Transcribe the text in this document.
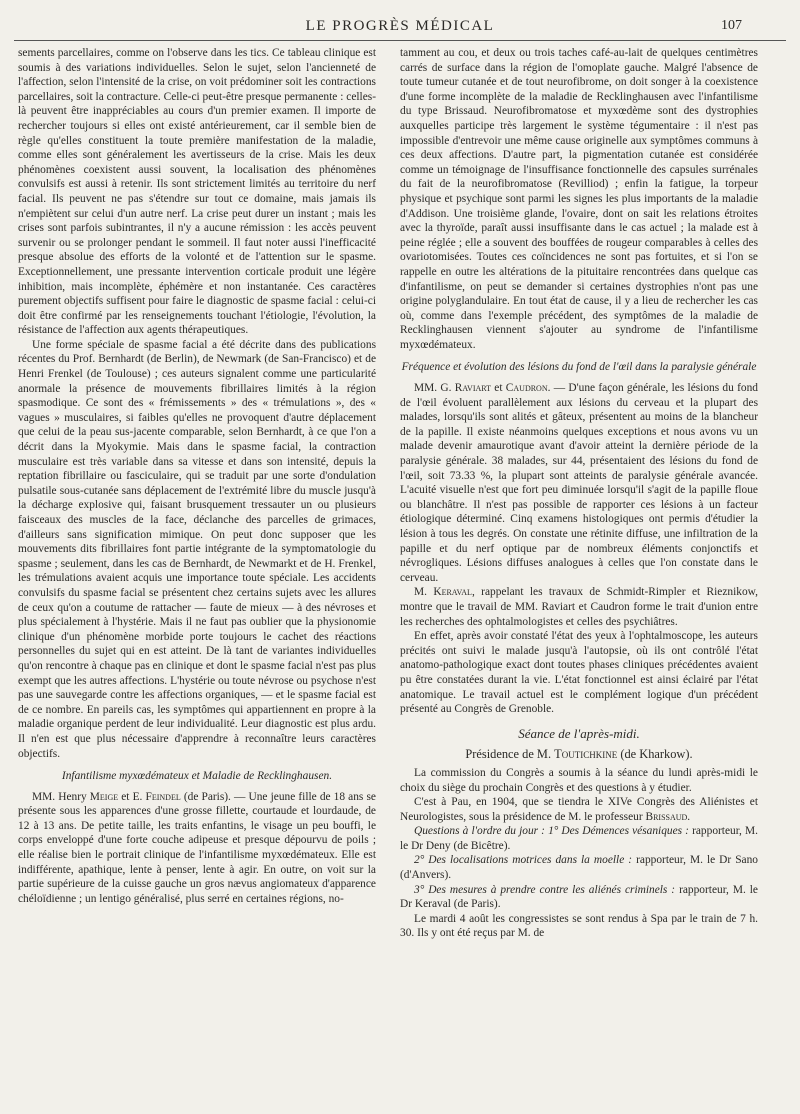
LE PROGRÈS MÉDICAL	107

sements parcellaires, comme on l'observe dans les tics. Ce tableau clinique est soumis à des variations individuelles. Selon le sujet, selon l'ancienneté de l'affection, selon l'intensité de la crise, on voit prédominer soit les contractions parcellaires, soit la contracture. Celle-ci peut-être presque permanente : celles-là peuvent être inappréciables au cours d'un premier examen. Il importe de rechercher toujours si elles ont existé antérieurement, car il semble bien de règle qu'elles constituent la toute première manifestation de la maladie, comme elles sont généralement les avertisseurs de la crise. Mais les deux phénomènes coexistent aussi souvent, la localisation des phénomènes convulsifs est aussi à retenir. Ils sont strictement limités au territoire du nerf facial. Ils peuvent ne pas s'étendre sur tout ce domaine, mais jamais ils n'empiètent sur celui d'un autre nerf. La crise peut durer un instant ; mais les crises sont parfois subintrantes, il n'y a aucune rémission : les accès peuvent survenir ou se prolonger pendant le sommeil. Il faut noter aussi l'inefficacité presque absolue des efforts de la volonté et de l'attention sur le spasme. Exceptionnellement, une pressante intervention corticale produit une légère inhibition, mais incomplète, éphémère et non instantanée. Ces caractères purement objectifs suffisent pour faire le diagnostic de spasme facial : celui-ci doit être confirmé par les renseignements touchant l'étiologie, l'évolution, la résistance de l'affection aux agents thérapeutiques.

Une forme spéciale de spasme facial a été décrite dans des publications récentes du Prof. Bernhardt (de Berlin), de Newmark (de San-Francisco) et de Henri Frenkel (de Toulouse) ; ces auteurs signalent comme une particularité anormale la présence de mouvements fibrillaires limités à la région spasmodique. Ce sont des « frémissements » des « trémulations », des « vagues » musculaires, si faibles qu'elles ne provoquent d'autre déplacement que celui de la peau sus-jacente comparable, selon Bernhardt, à ce que l'on a décrit dans la Myokymie. Mais dans le spasme facial, la contraction musculaire est très variable dans sa vitesse et dans son intensité, depuis la reptation fibrillaire ou fasciculaire, qui se traduit par une sorte d'ondulation pulsatile sous-cutanée sans déplacement de l'extrémité libre du muscle jusqu'à la décharge explosive qui, faisant brusquement tressauter un ou plusieurs faisceaux des muscles de la face, déclanche des parcelles de grimaces, d'ailleurs sans signification mimique. On peut donc supposer que les mouvements dits fibrillaires font partie intégrante de la symptomatologie du spasme ; seulement, dans les cas de Bernhardt, de Newmarkt et de H. Frenkel, les trémulations avaient acquis une importance toute spéciale. Les accidents convulsifs du spasme facial se présentent chez certains sujets avec les allures de ceux qu'on a coutume de rattacher — faute de mieux — à des névroses et plus spécialement à l'hystérie. Mais il ne faut pas oublier que la physionomie clinique d'un phénomène morbide porte toujours le cachet des réactions personnelles du sujet qui en est atteint. De là tant de variantes individuelles qu'on rencontre à chaque pas en clinique et dont le spasme facial n'est pas plus exempt que les autres affections. L'hystérie ou toute névrose ou psychose n'est pas une sauvegarde contre les affections organiques, — et le spasme facial est de ce nombre. En pareils cas, les symptômes qui appartiennent en propre à la maladie organique perdent de leur individualité. Leur diagnostic est plus ardu. Il n'en est que plus nécessaire d'apprendre à reconnaître leurs caractères objectifs.

Infantilisme myxœdémateux et Maladie de Recklinghausen.

MM. Henry Meige et E. Feindel (de Paris). — Une jeune fille de 18 ans se présente sous les apparences d'une grosse fillette, courtaude et lourdaude, de 12 à 13 ans. De petite taille, les traits enfantins, le visage un peu bouffi, le corps enveloppé d'une forte couche adipeuse et presque dépourvu de poils ; elle réalise bien le portrait clinique de l'infantilisme myxœdémateux. Elle est indifférente, apathique, lente à penser, lente à agir. En outre, on voit sur la partie supérieure de la cuisse gauche un gros nævus angiomateux d'apparence chéloïdienne ; un lentigo généralisé, plus serré en certaines régions, no-

tamment au cou, et deux ou trois taches café-au-lait de quelques centimètres carrés de surface dans la région de l'omoplate gauche. Malgré l'absence de toute tumeur cutanée et de tout neurofibrome, on doit songer à la coexistence d'une forme incomplète de la maladie de Recklinghausen avec l'infantilisme du type Brissaud. Neurofibromatose et myxœdème sont des dystrophies auxquelles participe très largement le système tégumentaire : il n'est pas impossible d'entrevoir une même cause originelle aux symptômes communs à ces deux affections. D'autre part, la pigmentation cutanée est considérée comme un témoignage de l'insuffisance fonctionnelle des capsules surrénales du fait de la neurofibromatose (Revilliod) ; enfin la fatigue, la torpeur physique et psychique sont parmi les signes les plus importants de la maladie d'Addison. Une troisième glande, l'ovaire, dont on sait les relations étroites avec la thyroïde, paraît aussi insuffisante dans le cas actuel ; la malade est à peine réglée ; elle a souvent des bouffées de rougeur comparables à celles des ovariotomisées. Toutes ces coïncidences ne sont pas fortuites, et si l'on se rappelle en outre les altérations de la pituitaire rencontrées dans quelque cas d'infantilisme, on peut se demander si certaines dystrophies n'ont pas une origine polyglandulaire. En tout état de cause, il y a lieu de rechercher les cas où, comme dans l'exemple précédent, des symptômes de la maladie de Recklinghausen viennent s'ajouter au syndrome de l'infantilisme myxœdémateux.

Fréquence et évolution des lésions du fond de l'œil dans la paralysie générale

MM. G. Raviart et Caudron. — D'une façon générale, les lésions du fond de l'œil évoluent parallèlement aux lésions du cerveau et la plupart des malades, lorsqu'ils sont alités et gâteux, présentent au moins de la blancheur de la papille. Il existe néanmoins quelques exceptions et nous avons vu un malade devenir amaurotique avant d'avoir atteint la dernière période de la paralysie générale. 38 malades, sur 44, présentaient des lésions du fond de l'œil, soit 73.33 %, la plupart sont atteints de paralysie générale avancée. L'acuité visuelle n'est que fort peu diminuée lorsqu'il s'agit de la papille floue ou blanchâtre. Il n'est pas possible de rapporter ces lésions à un facteur étiologique déterminé. Cinq examens histologiques ont permis d'étudier la lésion à tous les degrés. On constate une rétinite diffuse, une infiltration de la papille et du nerf optique par de nombreux éléments conjonctifs et névrogliques. Lésions diffuses analogues à celles que l'on constate dans le cerveau.

M. Keraval, rappelant les travaux de Schmidt-Rimpler et Rieznikow, montre que le travail de MM. Raviart et Caudron forme le trait d'union entre les recherches des ophtalmologistes et celles des psychiâtres.

En effet, après avoir constaté l'état des yeux à l'ophtalmoscope, les auteurs précités ont suivi le malade jusqu'à l'autopsie, où ils ont contrôlé l'état anatomo-pathologique exact dont toutes phases cliniques précédentes avaient pu être constatées durant la vie. L'état fonctionnel est ainsi éclairé par l'état anatomique. Le travail actuel est le complément logique d'un précédent présenté au Congrès de Grenoble.

Séance de l'après-midi.

Présidence de M. Toutichkine (de Kharkow).

La commission du Congrès a soumis à la séance du lundi après-midi le choix du siège du prochain Congrès et des questions à y étudier.

C'est à Pau, en 1904, que se tiendra le XIVe Congrès des Aliénistes et Neurologistes, sous la présidence de M. le professeur Brissaud.

Questions à l'ordre du jour : 1° Des Démences vésaniques : rapporteur, M. le Dr Deny (de Bicêtre).

2° Des localisations motrices dans la moelle : rapporteur, M. le Dr Sano (d'Anvers).

3° Des mesures à prendre contre les aliénés criminels : rapporteur, M. le Dr Keraval (de Paris).

Le mardi 4 août les congressistes se sont rendus à Spa par le train de 7 h. 30. Ils y ont été reçus par M. de
